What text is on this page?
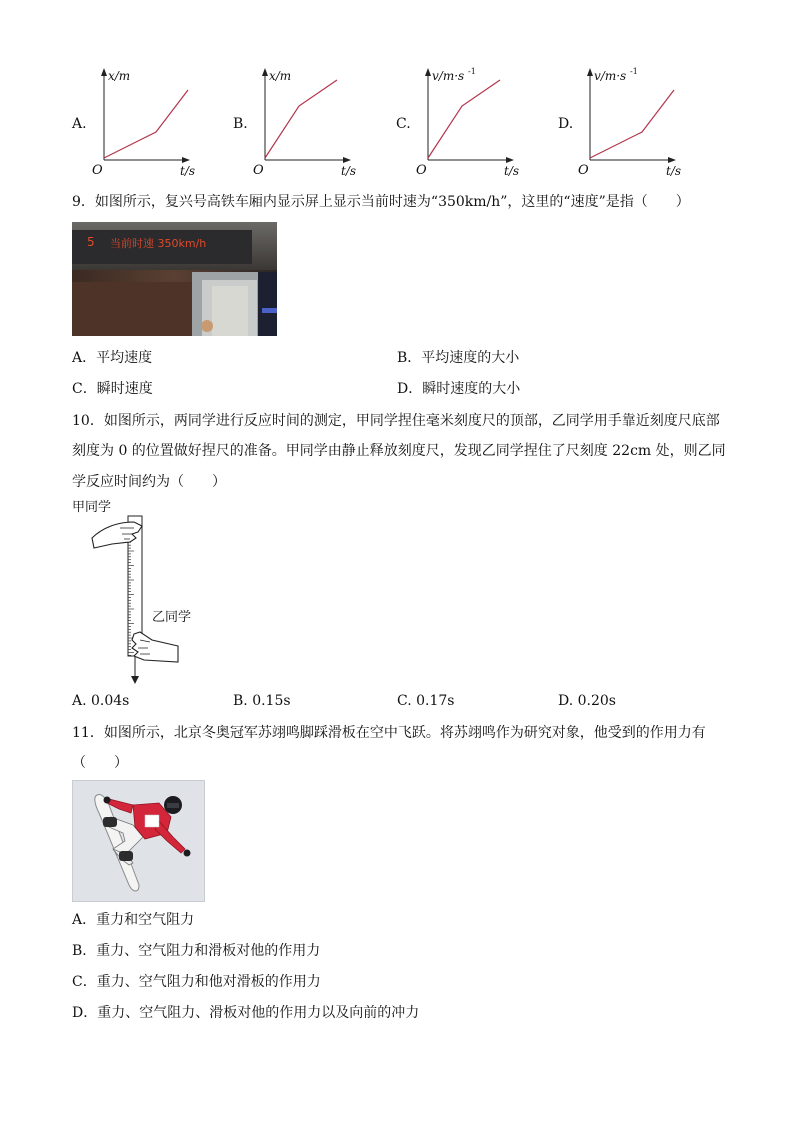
A.
O	t/s
x/m
B.
O	t/s
x/m
C.
O	t/s
v/m·s -1
D.
O	t/s
v/m·s -1
9．如图所示，复兴号高铁车厢内显示屏上显示当前时速为“350km/h”，这里的“速度”是指（　　）
5 当前时速 350km/h
A．平均速度	B．平均速度的大小
C．瞬时速度	D．瞬时速度的大小
10．如图所示，两同学进行反应时间的测定，甲同学捏住毫米刻度尺的顶部，乙同学用手靠近刻度尺底部
刻度为 0 的位置做好捏尺的准备。甲同学由静止释放刻度尺，发现乙同学捏住了尺刻度 22cm 处，则乙同
学反应时间约为（　　）
甲同学
乙同学
A. 0.04s	B. 0.15s	C. 0.17s	D. 0.20s
11．如图所示，北京冬奥冠军苏翊鸣脚踩滑板在空中飞跃。将苏翊鸣作为研究对象，他受到的作用力有
（　　）
A．重力和空气阻力
B．重力、空气阻力和滑板对他的作用力
C．重力、空气阻力和他对滑板的作用力
D．重力、空气阻力、滑板对他的作用力以及向前的冲力
